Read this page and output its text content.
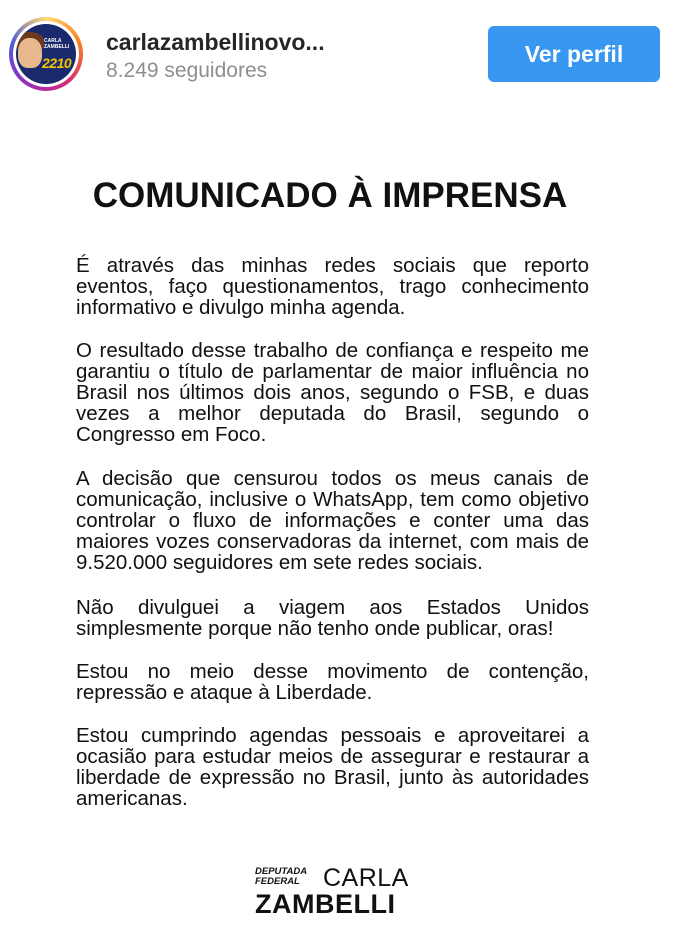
CARLA
ZAMBELLI
2210
carlazambellinovo...
8.249 seguidores
Ver perfil
COMUNICADO À IMPRENSA

É através das minhas redes sociais que reporto eventos, faço questionamentos, trago conhecimento informativo e divulgo minha agenda.

O resultado desse trabalho de confiança e respeito me garantiu o título de parlamentar de maior influência no Brasil nos últimos dois anos, segundo o FSB, e duas vezes a melhor deputada do Brasil, segundo o Congresso em Foco.

A decisão que censurou todos os meus canais de comunicação, inclusive o WhatsApp, tem como objetivo controlar o fluxo de informações e conter uma das maiores vozes conservadoras da internet, com mais de 9.520.000 seguidores em sete redes sociais.

Não divulguei a viagem aos Estados Unidos simplesmente porque não tenho onde publicar, oras!

Estou no meio desse movimento de contenção, repressão e ataque à Liberdade.

Estou cumprindo agendas pessoais e aproveitarei a ocasião para estudar meios de assegurar e restaurar a liberdade de expressão no Brasil, junto às autoridades americanas.

DEPUTADA
FEDERAL CARLA
ZAMBELLI
